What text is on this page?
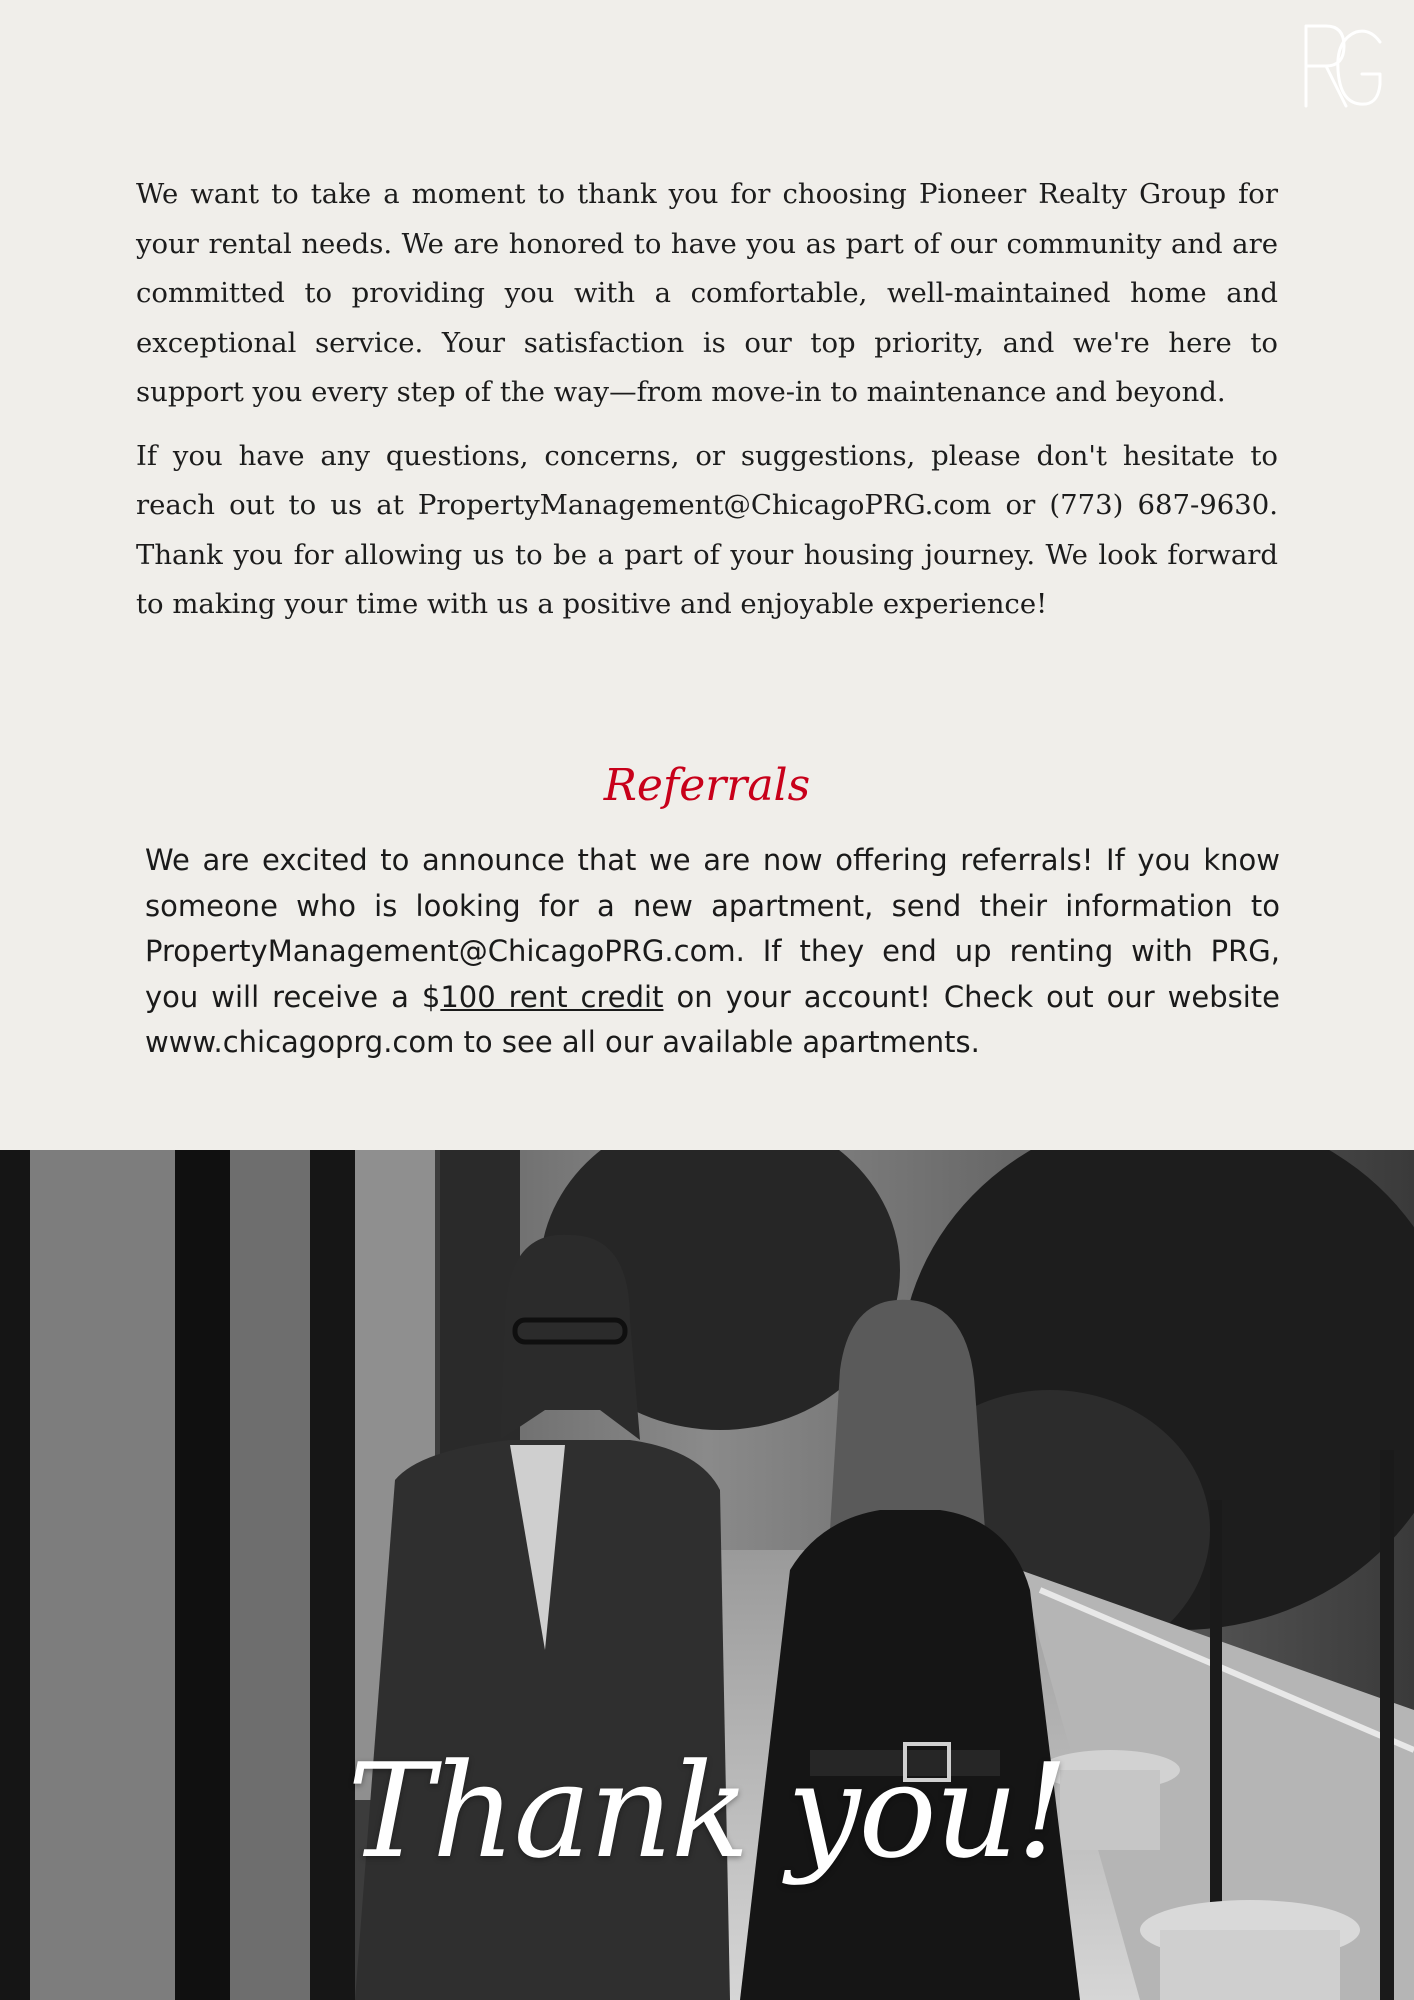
We want to take a moment to thank you for choosing Pioneer Realty Group for your rental needs. We are honored to have you as part of our community and are committed to providing you with a comfortable, well-maintained home and exceptional service. Your satisfaction is our top priority, and we're here to support you every step of the way—from move-in to maintenance and beyond.

If you have any questions, concerns, or suggestions, please don't hesitate to reach out to us at PropertyManagement@ChicagoPRG.com or (773) 687-9630. Thank you for allowing us to be a part of your housing journey. We look forward to making your time with us a positive and enjoyable experience!

Referrals
We are excited to announce that we are now offering referrals! If you know someone who is looking for a new apartment, send their information to PropertyManagement@ChicagoPRG.com. If they end up renting with PRG, you will receive a $100 rent credit on your account! Check out our website www.chicagoprg.com to see all our available apartments.
Thank you!
